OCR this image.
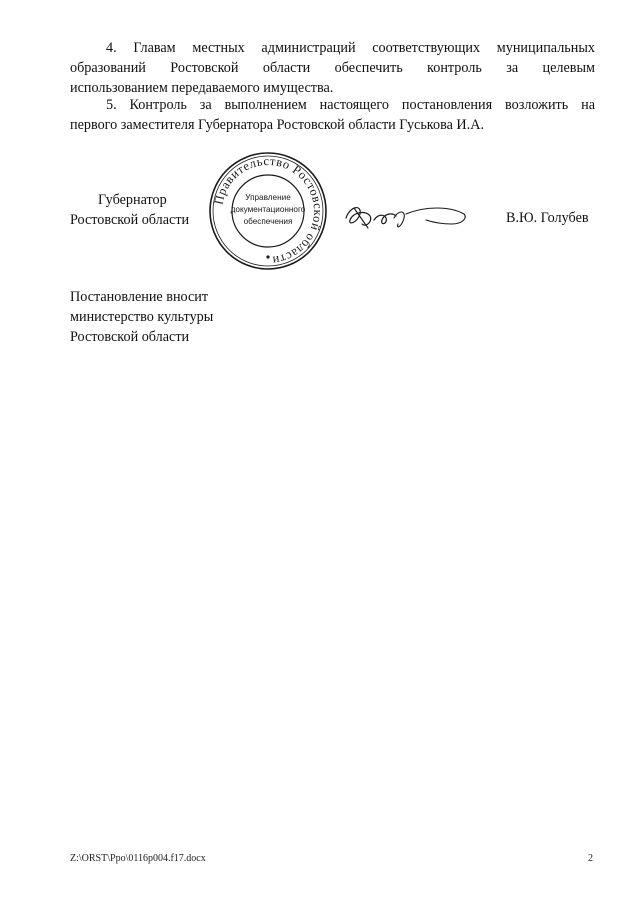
4. Главам местных администраций соответствующих муниципальных
образований Ростовской области обеспечить контроль за целевым
использованием передаваемого имущества.
5. Контроль за выполнением настоящего постановления возложить на
первого заместителя Губернатора Ростовской области Гуськова И.А.
Губернатор
Ростовской области
Правительство Ростовской области
Управление
документационного
обеспечения	В.Ю. Голубев
Постановление вносит
министерство культуры
Ростовской области
Z:\ORST\Ppo\0116p004.f17.docx	2
